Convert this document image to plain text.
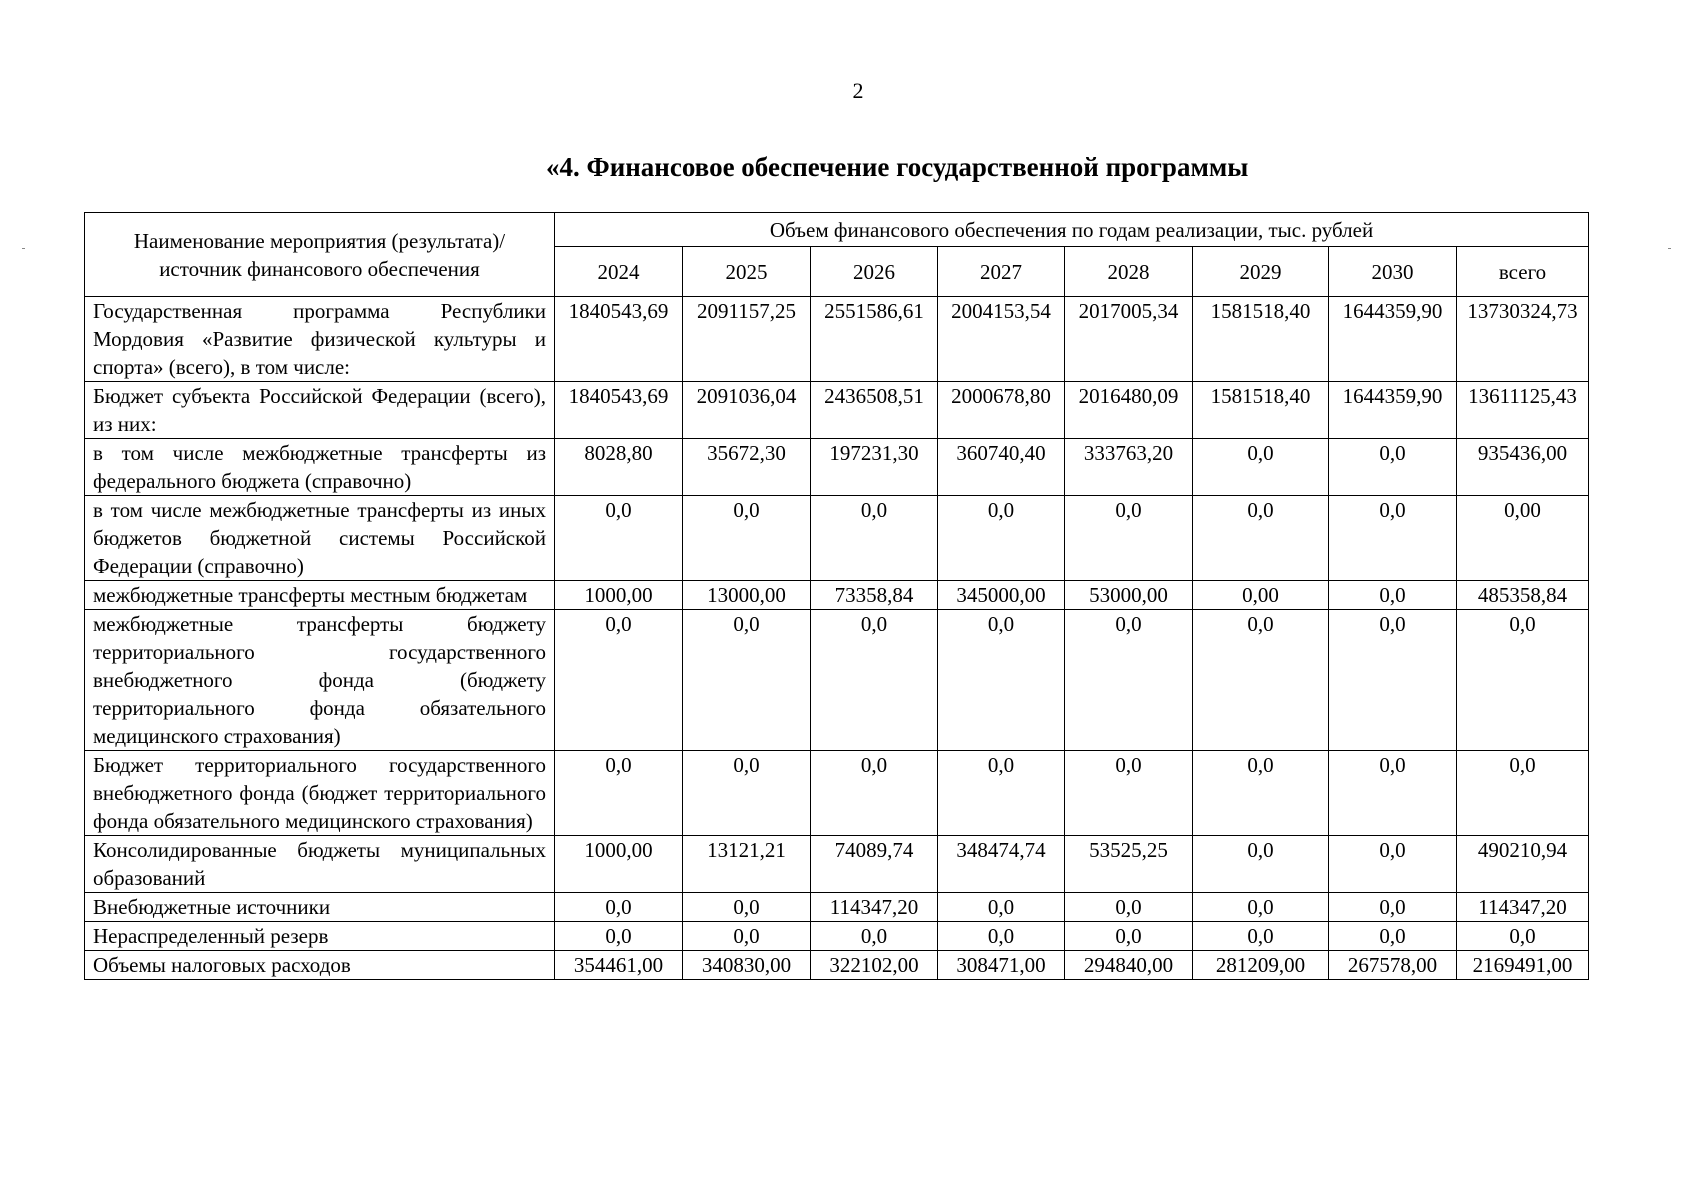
2
«4. Финансовое обеспечение государственной программы
Наименование мероприятия (результата)/источник финансового обеспечения	Объем финансового обеспечения по годам реализации, тыс. рублей							
	2024	2025	2026	2027	2028	2029	2030	всего
Государственная программа Республики Мордовия «Развитие физической культуры и спорта» (всего), в том числе:	1840543,69	2091157,25	2551586,61	2004153,54	2017005,34	1581518,40	1644359,90	13730324,73
Бюджет субъекта Российской Федерации (всего), из них:	1840543,69	2091036,04	2436508,51	2000678,80	2016480,09	1581518,40	1644359,90	13611125,43
в том числе межбюджетные трансферты из федерального бюджета (справочно)	8028,80	35672,30	197231,30	360740,40	333763,20	0,0	0,0	935436,00
в том числе межбюджетные трансферты из иных бюджетов бюджетной системы Российской Федерации (справочно)	0,0	0,0	0,0	0,0	0,0	0,0	0,0	0,00
межбюджетные трансферты местным бюджетам	1000,00	13000,00	73358,84	345000,00	53000,00	0,00	0,0	485358,84
межбюджетные трансферты бюджету территориального государственного внебюджетного фонда (бюджету территориального фонда обязательного медицинского страхования)	0,0	0,0	0,0	0,0	0,0	0,0	0,0	0,0
Бюджет территориального государственного внебюджетного фонда (бюджет территориального фонда обязательного медицинского страхования)	0,0	0,0	0,0	0,0	0,0	0,0	0,0	0,0
Консолидированные бюджеты муниципальных образований	1000,00	13121,21	74089,74	348474,74	53525,25	0,0	0,0	490210,94
Внебюджетные источники	0,0	0,0	114347,20	0,0	0,0	0,0	0,0	114347,20
Нераспределенный резерв	0,0	0,0	0,0	0,0	0,0	0,0	0,0	0,0
Объемы налоговых расходов	354461,00	340830,00	322102,00	308471,00	294840,00	281209,00	267578,00	2169491,00
